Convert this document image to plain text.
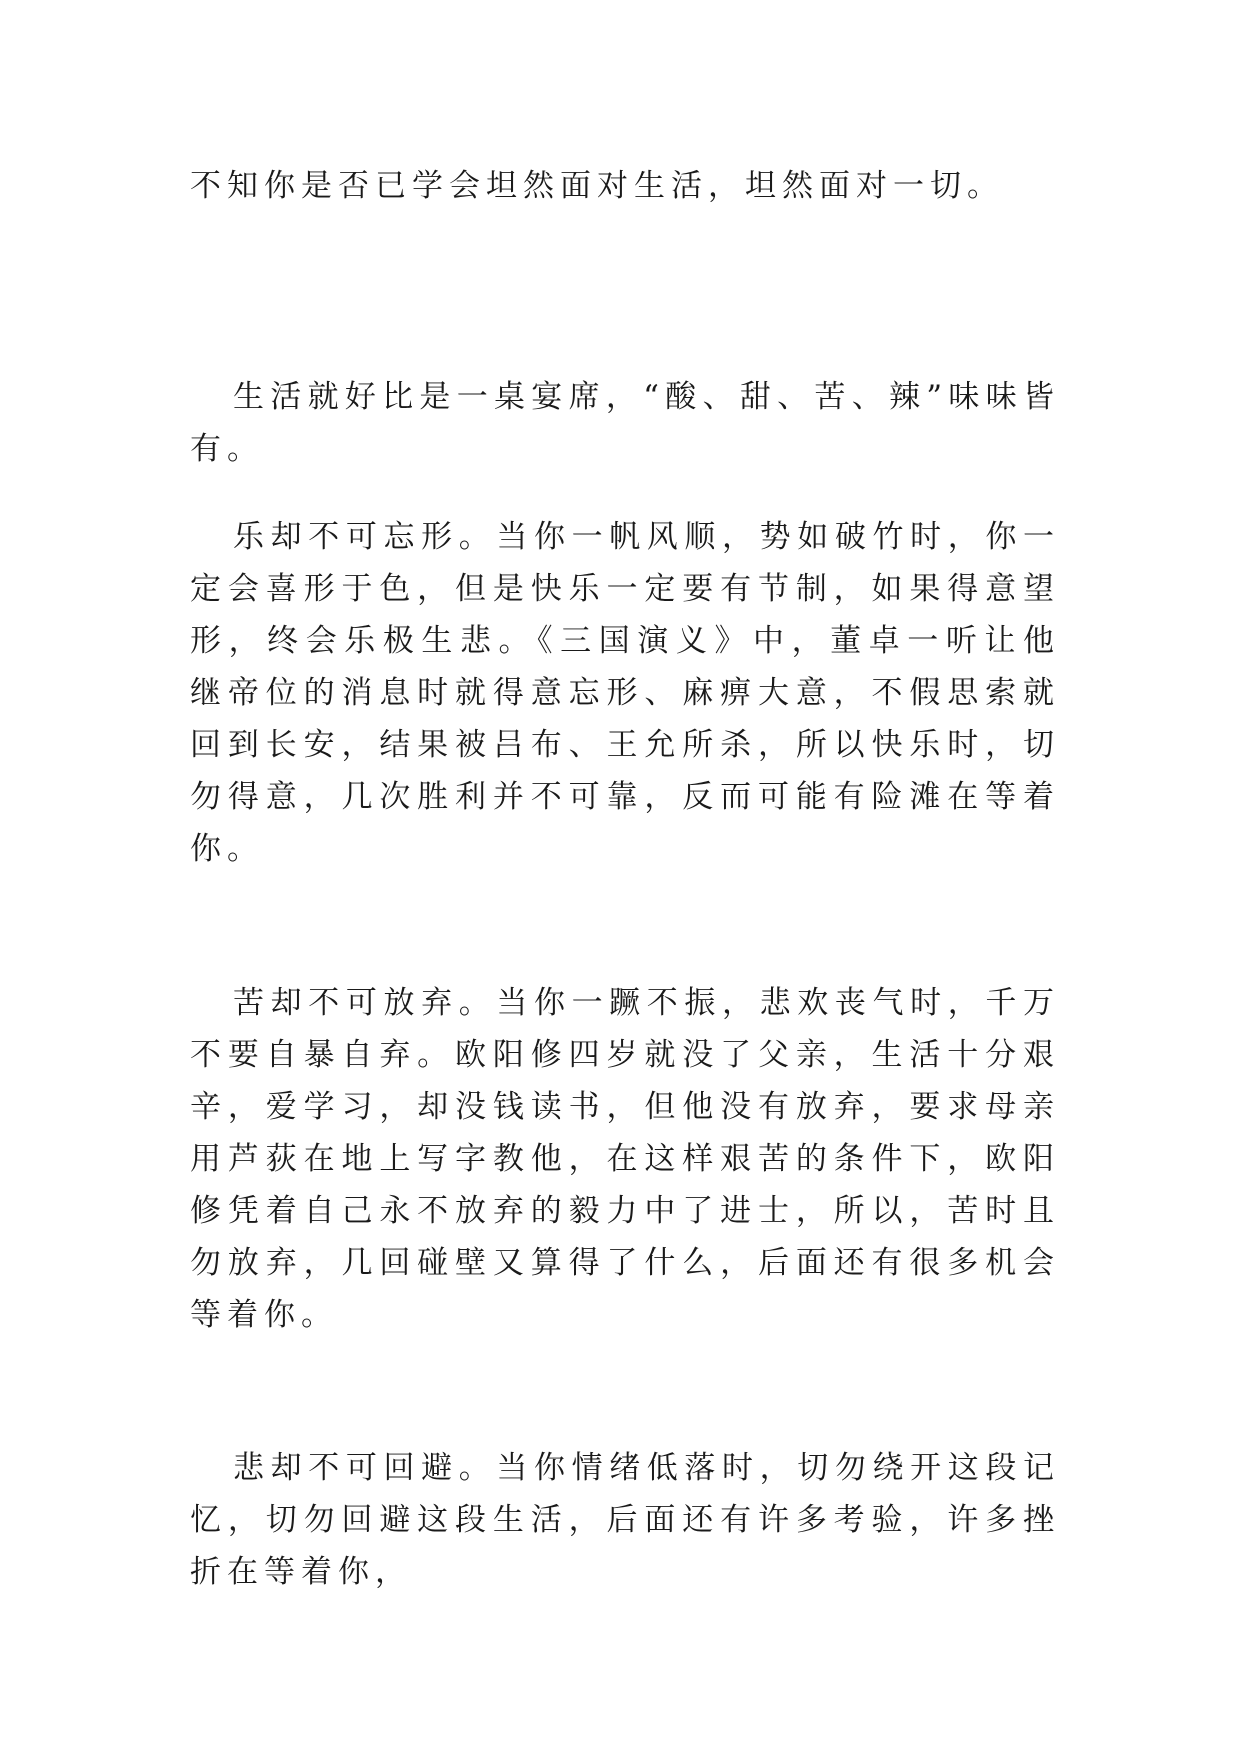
不知你是否已学会坦然面对生活，坦然面对一切。

生活就好比是一桌宴席，“酸、甜、苦、辣”味味皆有。

乐却不可忘形。当你一帆风顺，势如破竹时，你一定会喜形于色，但是快乐一定要有节制，如果得意望形，终会乐极生悲。《三国演义》中，董卓一听让他继帝位的消息时就得意忘形、麻痹大意，不假思索就回到长安，结果被吕布、王允所杀，所以快乐时，切勿得意，几次胜利并不可靠，反而可能有险滩在等着你。

苦却不可放弃。当你一蹶不振，悲欢丧气时，千万不要自暴自弃。欧阳修四岁就没了父亲，生活十分艰辛，爱学习，却没钱读书，但他没有放弃，要求母亲用芦荻在地上写字教他，在这样艰苦的条件下，欧阳修凭着自己永不放弃的毅力中了进士，所以，苦时且勿放弃，几回碰壁又算得了什么，后面还有很多机会等着你。

悲却不可回避。当你情绪低落时，切勿绕开这段记忆，切勿回避这段生活，后面还有许多考验，许多挫折在等着你，
